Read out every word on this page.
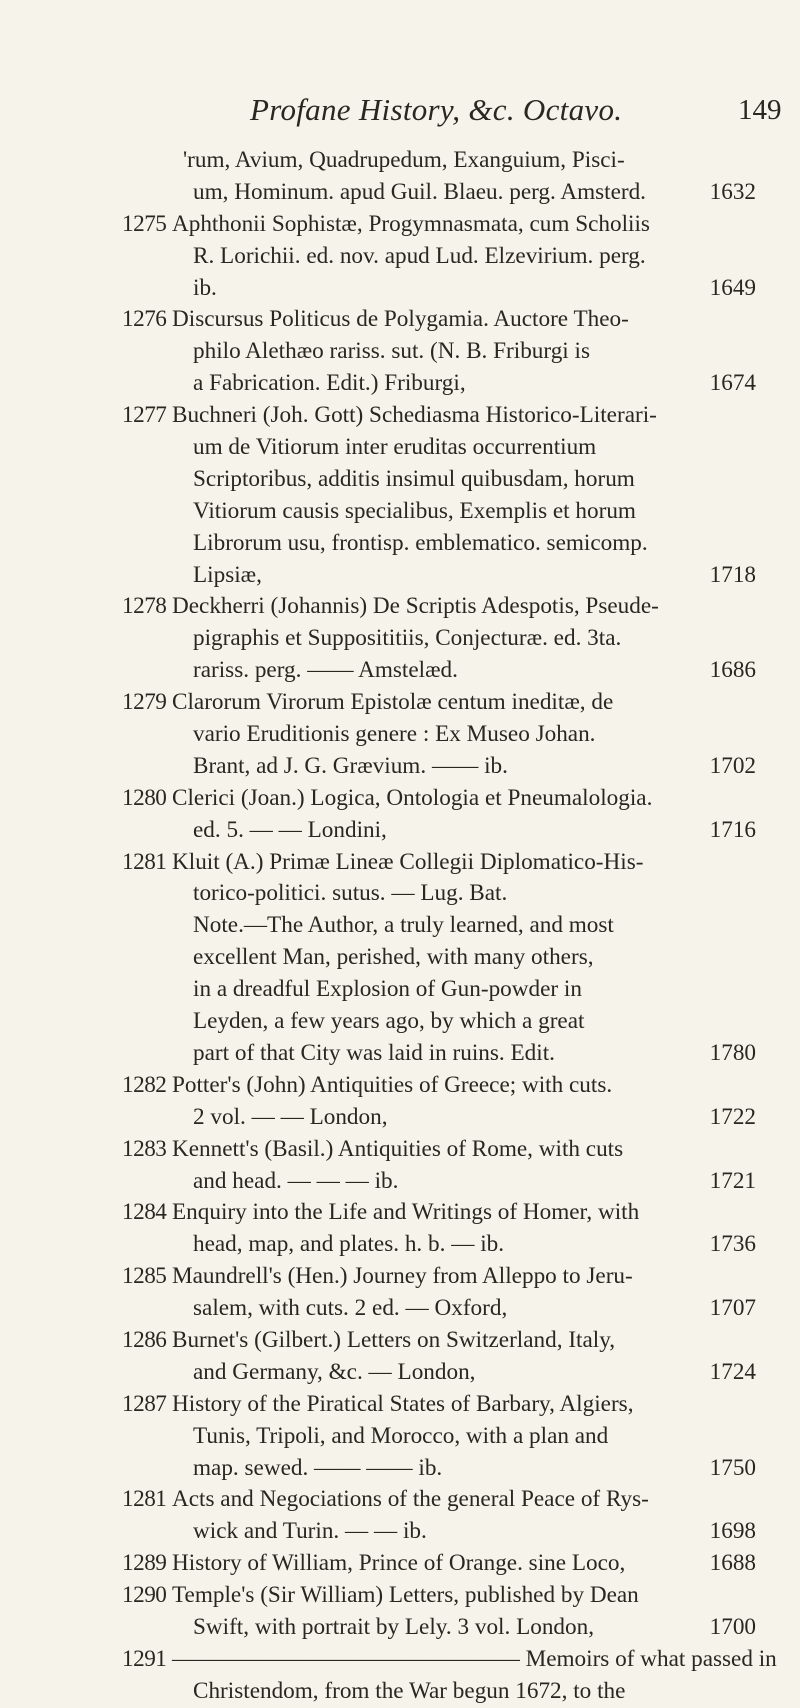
Profane History, &c. Octavo.	149
'rum, Avium, Quadrupedum, Exanguium, Pisci-
um, Hominum. apud Guil. Blaeu. perg. Amsterd.	1632
1275 Aphthonii Sophistæ, Progymnasmata, cum Scholiis
R. Lorichii. ed. nov. apud Lud. Elzevirium. perg.
ib.	1649
1276 Discursus Politicus de Polygamia. Auctore Theo-
philo Alethæo rariss. sut. (N. B. Friburgi is
a Fabrication. Edit.) Friburgi,	1674
1277 Buchneri (Joh. Gott) Schediasma Historico-Literari-
um de Vitiorum inter eruditas occurrentium
Scriptoribus, additis insimul quibusdam, horum
Vitiorum causis specialibus, Exemplis et horum
Librorum usu, frontisp. emblematico. semicomp.
Lipsiæ,	1718
1278 Deckherri (Johannis) De Scriptis Adespotis, Pseude-
pigraphis et Supposititiis, Conjecturæ. ed. 3ta.
rariss. perg. —— Amstelæd.	1686
1279 Clarorum Virorum Epistolæ centum ineditæ, de
vario Eruditionis genere : Ex Museo Johan.
Brant, ad J. G. Grævium. —— ib.	1702
1280 Clerici (Joan.) Logica, Ontologia et Pneumalologia.
ed. 5. — — Londini,	1716
1281 Kluit (A.) Primæ Lineæ Collegii Diplomatico-His-
torico-politici. sutus. — Lug. Bat.
Note.—The Author, a truly learned, and most
excellent Man, perished, with many others,
in a dreadful Explosion of Gun-powder in
Leyden, a few years ago, by which a great
part of that City was laid in ruins. Edit.	1780
1282 Potter's (John) Antiquities of Greece; with cuts.
2 vol. — — London,	1722
1283 Kennett's (Basil.) Antiquities of Rome, with cuts
and head. — — — ib.	1721
1284 Enquiry into the Life and Writings of Homer, with
head, map, and plates. h. b. — ib.	1736
1285 Maundrell's (Hen.) Journey from Alleppo to Jeru-
salem, with cuts. 2 ed. — Oxford,	1707
1286 Burnet's (Gilbert.) Letters on Switzerland, Italy,
and Germany, &c. — London,	1724
1287 History of the Piratical States of Barbary, Algiers,
Tunis, Tripoli, and Morocco, with a plan and
map. sewed. —— —— ib.	1750
1281 Acts and Negociations of the general Peace of Rys-
wick and Turin. — — ib.	1698
1289 History of William, Prince of Orange. sine Loco,	1688
1290 Temple's (Sir William) Letters, published by Dean
Swift, with portrait by Lely. 3 vol. London,	1700
1291 ——————————————— Memoirs of what passed in
Christendom, from the War begun 1672, to the
